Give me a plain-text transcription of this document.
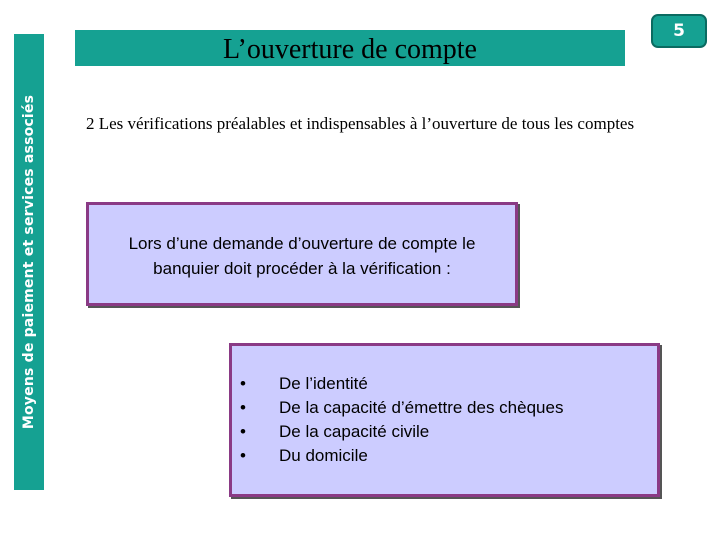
Moyens de paiement et services associés
L’ouverture de compte
5
2 Les vérifications préalables et indispensables à l’ouverture de tous les comptes
Lors d’une demande d’ouverture de compte le banquier doit procéder à la vérification :
• De l’identité
• De la capacité d’émettre des chèques
• De la capacité civile
• Du domicile
